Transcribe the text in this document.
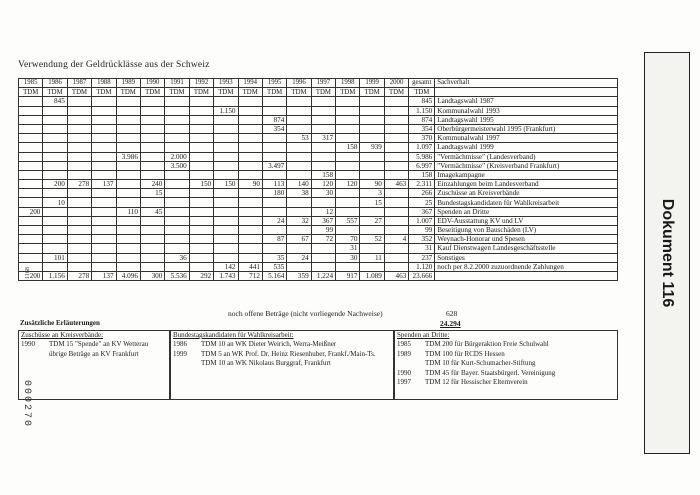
Verwendung der Geldrücklässe aus der Schweiz
1985	1986	1987	1988	1989	1990	1991	1992	1993	1994	1995	1996	1997	1998	1999	2000	gesamt	Sachverhalt
TDM	TDM	TDM	TDM	TDM	TDM	TDM	TDM	TDM	TDM	TDM	TDM	TDM	TDM	TDM	TDM	TDM	
	845															845	Landtagswahl 1987
								1.150								1.150	Kommunalwahl 1993
										874						874	Landtagswahl 1995
										354						354	Oberbürgermeisterwahl 1995 (Frankfurt)
											53	317				370	Kommunalwahl 1997
													158	939		1.097	Landtagswahl 1999
				3.986		2.000										5.986	"Vermächtnisse" (Landesverband)
						3.500				3.497						6.997	"Vermächtnisse" (Kreisverband Frankfurt)
												158				158	Imagekampagne
	200	278	137		240		150	150	90	113	140	120	120	90	463	2.311	Einzahlungen beim Landesverband
					15					180	38	30		3		266	Zuschüsse an Kreisverbände
	10													15		25	Bundestagskandidaten für Wahlkreisarbeit
200				110	45							12				367	Spenden an Dritte
										24	32	367	557	27		1.007	EDV-Ausstattung KV und LV
												99				99	Beseitigung von Bauschäden (LV)
										87	67	72	70	52	4	352	Weynach-Honorar und Spesen
													31			31	Kauf Dienstwagen Landesgeschäftsstelle
	101					36				35	24		30	11		237	Sonstiges
								142	441	535						1.120	noch per 8.2.2000 zuzuordnende Zahlungen
200	1.156	278	137	4.096	300	5.536	292	1.743	712	5.164	359	1.224	917	1.089	463	23.666	
noch offene Beträge (nicht vorliegende Nachweise)	628
24.294
Zusätzliche Erläuterungen
Zuschüsse an Kreisverbände:
1990 TDM 15 "Spende" an KV Wetterau
übrige Beträge an KV Frankfurt
Bundestagskandidaten für Wahlkreisarbeit:
1986 TDM 10 an WK Dieter Weirich, Werra-Meißner
1999 TDM 5 an WK Prof. Dr. Heinz Riesenhuber, Frankf./Main-Ts.
TDM 10 an WK Nikolaus Burggraf, Frankfurt
Spenden an Dritte:
1985 TDM 200 für Bürgeraktion Freie Schulwahl
1989 TDM 100 für RCDS Hessen
TDM 10 für Kurt-Schumacher-Stiftung
1990 TDM 45 für Bayer. Staatsbürgerl. Vereinigung
1997 TDM 12 für Hessischer Elternverein
Dokument 116
000270
1168
